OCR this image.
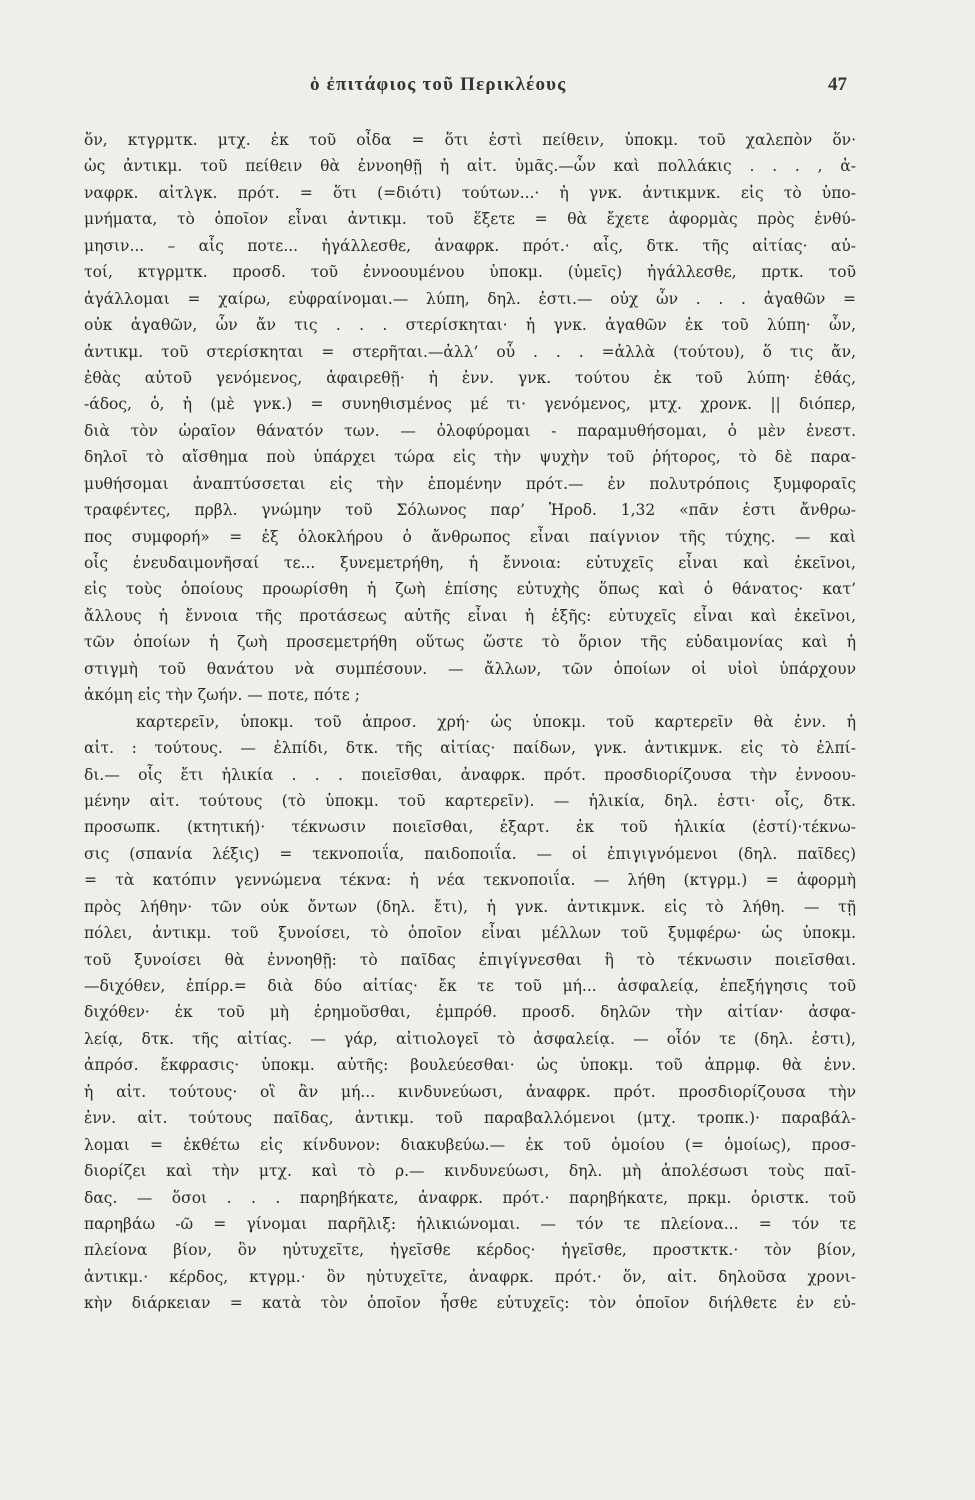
ὁ ἐπιτάφιος τοῦ Περικλέους	47
ὅν, κτγρμτκ. μτχ. ἐκ τοῦ οἶδα = ὅτι ἐστὶ πείθειν, ὑποκμ. τοῦ χαλεπὸν ὅν·
ὡς ἀντικμ. τοῦ πείθειν θὰ ἐννοηθῇ ἡ αἰτ. ὑμᾶς.—ὧν καὶ πολλάκις . . . , ἀ-
ναφρκ. αἰτλγκ. πρότ. = ὅτι (=διότι) τούτων...· ἡ γνκ. ἀντικμνκ. εἰς τὸ ὑπο-
μνήματα, τὸ ὁποῖον εἶναι ἀντικμ. τοῦ ἕξετε = θὰ ἔχετε ἀφορμὰς πρὸς ἐνθύ-
μησιν... – αἷς ποτε... ἠγάλλεσθε, ἀναφρκ. πρότ.· αἷς, δτκ. τῆς αἰτίας· αὐ-
τοί, κτγρμτκ. προσδ. τοῦ ἐννοουμένου ὑποκμ. (ὑμεῖς) ἠγάλλεσθε, πρτκ. τοῦ
ἀγάλλομαι = χαίρω, εὐφραίνομαι.— λύπη, δηλ. ἐστι.— οὐχ ὧν . . . ἀγαθῶν =
οὐκ ἀγαθῶν, ὧν ἄν τις . . . στερίσκηται· ἡ γνκ. ἀγαθῶν ἐκ τοῦ λύπη· ὧν,
ἀντικμ. τοῦ στερίσκηται = στερῆται.—ἀλλ’ οὗ . . . =ἀλλὰ (τούτου), ὅ τις ἄν,
ἐθὰς αὐτοῦ γενόμενος, ἀφαιρεθῇ· ἡ ἐνν. γνκ. τούτου ἐκ τοῦ λύπη· ἐθάς,
-άδος, ὁ, ἡ (μὲ γνκ.) = συνηθισμένος μέ τι· γενόμενος, μτχ. χρονκ. || διόπερ,
διὰ τὸν ὡραῖον θάνατόν των. — ὀλοφύρομαι - παραμυθήσομαι, ὁ μὲν ἐνεστ.
δηλοῖ τὸ αἴσθημα ποὺ ὑπάρχει τώρα εἰς τὴν ψυχὴν τοῦ ῥήτορος, τὸ δὲ παρα-
μυθήσομαι ἀναπτύσσεται εἰς τὴν ἑπομένην πρότ.— ἐν πολυτρόποις ξυμφοραῖς
τραφέντες, πρβλ. γνώμην τοῦ Σόλωνος παρ’ Ἡροδ. 1,32 «πᾶν ἐστι ἄνθρω-
πος συμφορή» = ἐξ ὁλοκλήρου ὁ ἄνθρωπος εἶναι παίγνιον τῆς τύχης. — καὶ
οἷς ἐνευδαιμονῆσαί τε... ξυνεμετρήθη, ἡ ἔννοια: εὐτυχεῖς εἶναι καὶ ἐκεῖνοι,
εἰς τοὺς ὁποίους προωρίσθη ἡ ζωὴ ἐπίσης εὐτυχὴς ὅπως καὶ ὁ θάνατος· κατ’
ἄλλους ἡ ἔννοια τῆς προτάσεως αὐτῆς εἶναι ἡ ἑξῆς: εὐτυχεῖς εἶναι καὶ ἐκεῖνοι,
τῶν ὁποίων ἡ ζωὴ προσεμετρήθη οὕτως ὥστε τὸ ὅριον τῆς εὐδαιμονίας καὶ ἡ
στιγμὴ τοῦ θανάτου νὰ συμπέσουν. — ἄλλων, τῶν ὁποίων οἱ υἱοὶ ὑπάρχουν
ἀκόμη εἰς τὴν ζωήν. — ποτε, πότε ;
καρτερεῖν, ὑποκμ. τοῦ ἀπροσ. χρή· ὡς ὑποκμ. τοῦ καρτερεῖν θὰ ἐνν. ἡ
αἰτ. : τούτους. — ἐλπίδι, δτκ. τῆς αἰτίας· παίδων, γνκ. ἀντικμνκ. εἰς τὸ ἐλπί-
δι.— οἷς ἔτι ἡλικία . . . ποιεῖσθαι, ἀναφρκ. πρότ. προσδιορίζουσα τὴν ἐννοου-
μένην αἰτ. τούτους (τὸ ὑποκμ. τοῦ καρτερεῖν). — ἡλικία, δηλ. ἐστι· οἷς, δτκ.
προσωπκ. (κτητική)· τέκνωσιν ποιεῖσθαι, ἐξαρτ. ἐκ τοῦ ἡλικία (ἐστί)·τέκνω-
σις (σπανία λέξις) = τεκνοποιΐα, παιδοποιΐα. — οἱ ἐπιγιγνόμενοι (δηλ. παῖδες)
= τὰ κατόπιν γεννώμενα τέκνα: ἡ νέα τεκνοποιΐα. — λήθη (κτγρμ.) = ἀφορμὴ
πρὸς λήθην· τῶν οὐκ ὄντων (δηλ. ἔτι), ἡ γνκ. ἀντικμνκ. εἰς τὸ λήθη. — τῇ
πόλει, ἀντικμ. τοῦ ξυνοίσει, τὸ ὁποῖον εἶναι μέλλων τοῦ ξυμφέρω· ὡς ὑποκμ.
τοῦ ξυνοίσει θὰ ἐννοηθῇ: τὸ παῖδας ἐπιγίγνεσθαι ἢ τὸ τέκνωσιν ποιεῖσθαι.
—διχόθεν, ἐπίρρ.= διὰ δύο αἰτίας· ἔκ τε τοῦ μή... ἀσφαλείᾳ, ἐπεξήγησις τοῦ
διχόθεν· ἐκ τοῦ μὴ ἐρημοῦσθαι, ἐμπρόθ. προσδ. δηλῶν τὴν αἰτίαν· ἀσφα-
λείᾳ, δτκ. τῆς αἰτίας. — γάρ, αἰτιολογεῖ τὸ ἀσφαλείᾳ. — οἷόν τε (δηλ. ἐστι),
ἀπρόσ. ἔκφρασις· ὑποκμ. αὐτῆς: βουλεύεσθαι· ὡς ὑποκμ. τοῦ ἀπρμφ. θὰ ἐνν.
ἡ αἰτ. τούτους· οἳ ἂν μή... κινδυνεύωσι, ἀναφρκ. πρότ. προσδιορίζουσα τὴν
ἐνν. αἰτ. τούτους παῖδας, ἀντικμ. τοῦ παραβαλλόμενοι (μτχ. τροπκ.)· παραβάλ-
λομαι = ἐκθέτω εἰς κίνδυνον: διακυβεύω.— ἐκ τοῦ ὁμοίου (= ὁμοίως), προσ-
διορίζει καὶ τὴν μτχ. καὶ τὸ ρ.— κινδυνεύωσι, δηλ. μὴ ἀπολέσωσι τοὺς παῖ-
δας. — ὅσοι . . . παρηβήκατε, ἀναφρκ. πρότ.· παρηβήκατε, πρκμ. ὁριστκ. τοῦ
παρηβάω -ῶ = γίνομαι παρῆλιξ: ἡλικιώνομαι. — τόν τε πλείονα... = τόν τε
πλείονα βίον, ὃν ηὐτυχεῖτε, ἡγεῖσθε κέρδος· ἡγεῖσθε, προστκτκ.· τὸν βίον,
ἀντικμ.· κέρδος, κτγρμ.· ὃν ηὐτυχεῖτε, ἀναφρκ. πρότ.· ὅν, αἰτ. δηλοῦσα χρονι-
κὴν διάρκειαν = κατὰ τὸν ὁποῖον ἦσθε εὐτυχεῖς: τὸν ὁποῖον διήλθετε ἐν εὐ-
